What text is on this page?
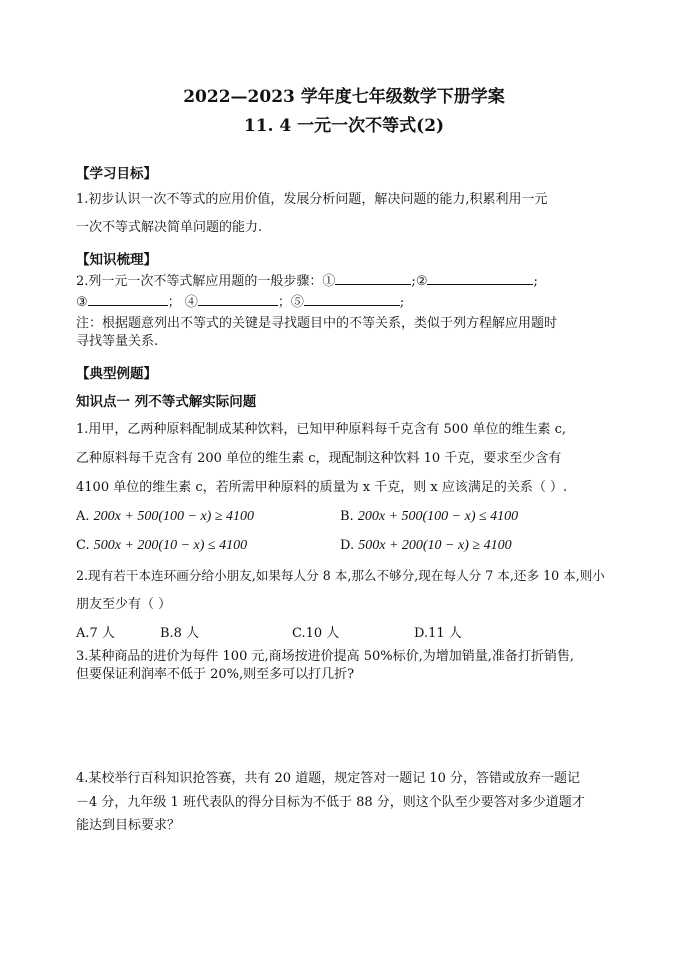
2022—2023 学年度七年级数学下册学案
11. 4 一元一次不等式(2)
【学习目标】
1.初步认识一次不等式的应用价值，发展分析问题，解决问题的能力,积累利用一元
一次不等式解决简单问题的能力.
【知识梳理】
2.列一元一次不等式解应用题的一般步骤：①	;②	;
③	； ④	；⑤	;
注：根据题意列出不等式的关键是寻找题目中的不等关系，类似于列方程解应用题时
寻找等量关系.
【典型例题】
知识点一 列不等式解实际问题
1.用甲，乙两种原料配制成某种饮料，已知甲种原料每千克含有 500 单位的维生素 c,
乙种原料每千克含有 200 单位的维生素 c，现配制这种饮料 10 千克，要求至少含有
4100 单位的维生素 c，若所需甲种原料的质量为 x 千克，则 x 应该满足的关系（ ）.
A. 200x + 500(100 − x) ≥ 4100	B. 200x + 500(100 − x) ≤ 4100
C. 500x + 200(10 − x) ≤ 4100	D. 500x + 200(10 − x) ≥ 4100
2.现有若干本连环画分给小朋友,如果每人分 8 本,那么不够分,现在每人分 7 本,还多 10 本,则小
朋友至少有（ ）
A.7 人	B.8 人	C.10 人	D.11 人
3.某种商品的进价为每件 100 元,商场按进价提高 50%标价,为增加销量,准备打折销售,
但要保证利润率不低于 20%,则至多可以打几折?
4.某校举行百科知识抢答赛，共有 20 道题，规定答对一题记 10 分，答错或放弃一题记
－4 分，九年级 1 班代表队的得分目标为不低于 88 分，则这个队至少要答对多少道题才
能达到目标要求？
